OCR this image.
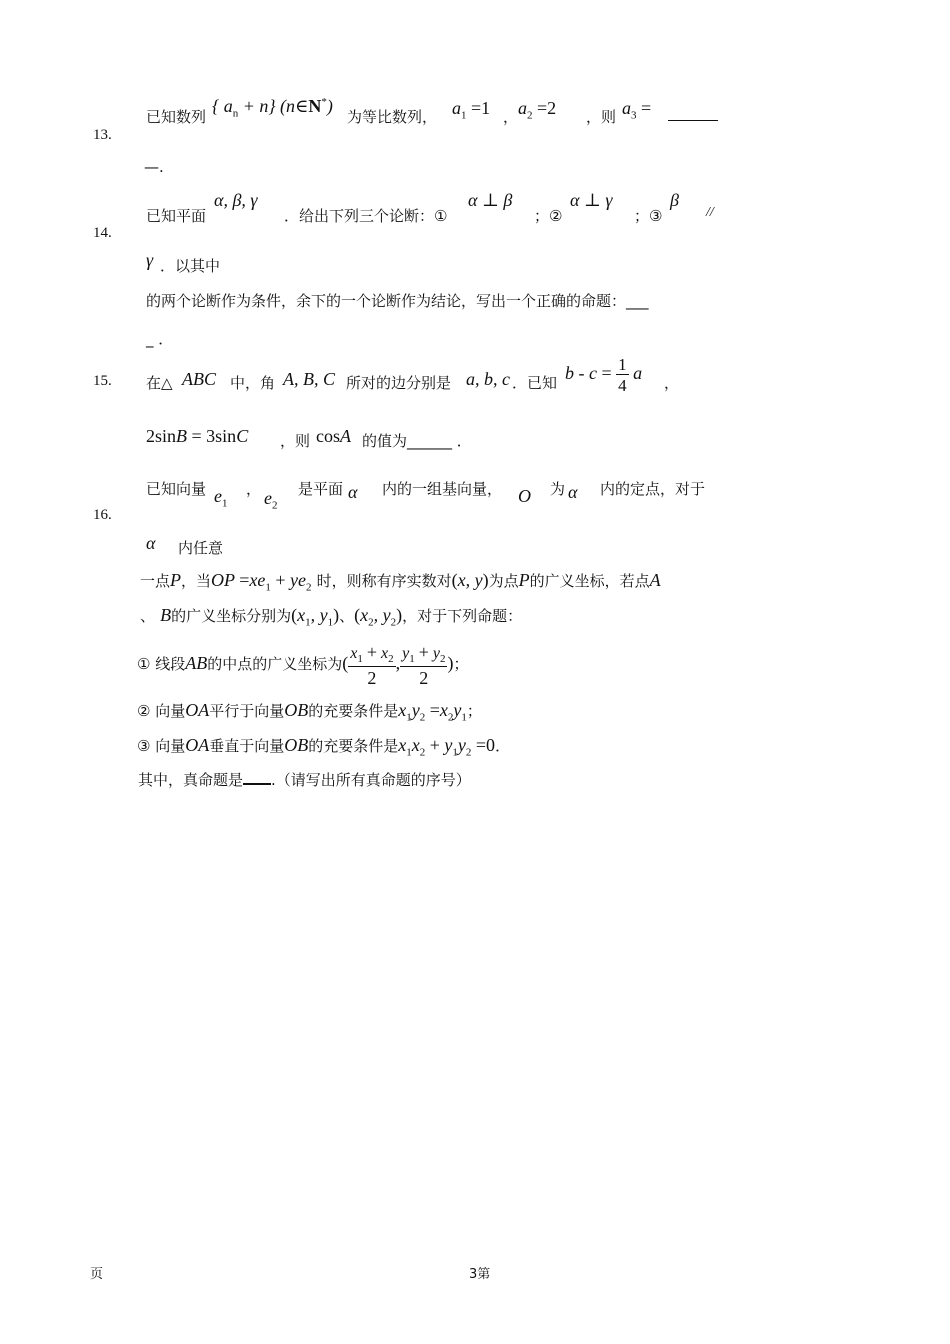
13.
已知数列
{ $a_n + n$} (n∈N*)
为等比数列， $a_1 =1$ ， $a_2 =2$ ，则 $a_3$ =
—.
14.
已知平面
α, β, γ
．给出下列三个论断：①
α ⊥ β
；②
α ⊥ γ
；③
β
//
γ ．以其中
的两个论断作为条件，余下的一个论断作为结论，写出一个正确的命题：___
_ ．
15. 在△ ABC 中，角 A, B, C 所对的边分别是 a, b, c ．已知 $b - c = \frac{1}{4}$ a ，
2sinB = 3sinC ，则 cosA 的值为______ ．
16.
已知向量 $e_1$
， $e_2$
是平面 α 内的一组基向量， O 为 α 内的定点，对于
α 内任意
一点P，当OP $=xe_1 + ye_2$ 时，则称有序实数对(x, y)为点P的广义坐标，若点A
、 B的广义坐标分别为($x_1$, $y_1$)、($x_2$, $y_2$)，对于下列命题：
① 线段AB的中点的广义坐标为( $\frac{x_1 + x_2}{2}$ , $\frac{y_1 + y_2}{2}$ )；
② 向量OA平行于向量OB的充要条件是$x_1y_2 =x_2y_1$；
③ 向量OA垂直于向量OB的充要条件是$x_1x_2 + y_1y_2 =0$．
其中，真命题是 .（请写出所有真命题的序号）
页	3第
